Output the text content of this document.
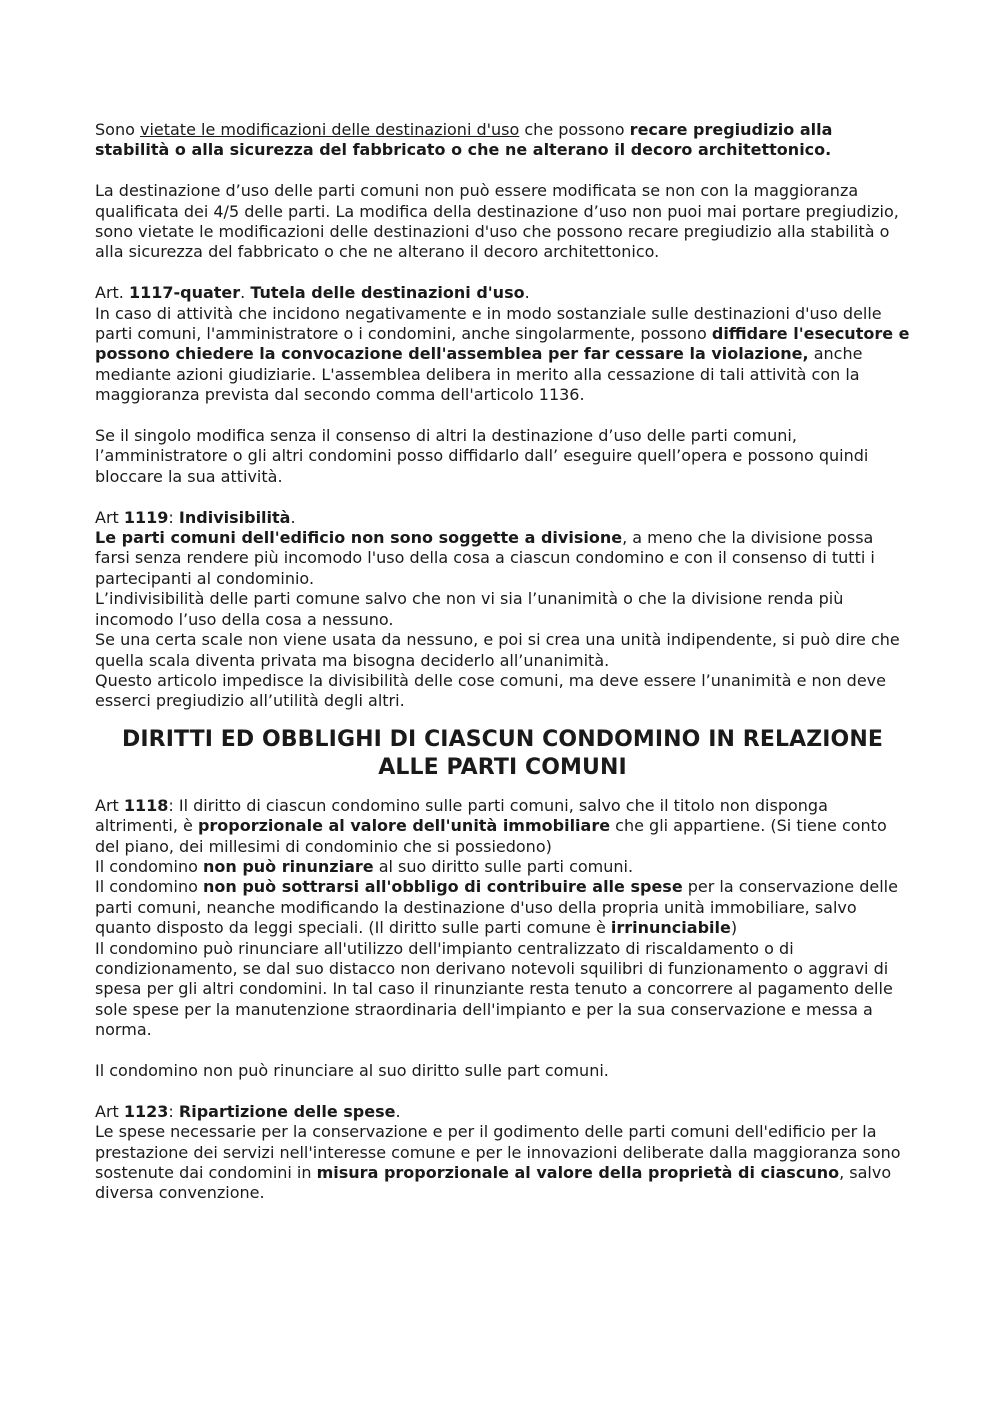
Sono vietate le modificazioni delle destinazioni d'uso che possono recare pregiudizio alla stabilità o alla sicurezza del fabbricato o che ne alterano il decoro architettonico.

La destinazione d’uso delle parti comuni non può essere modificata se non con la maggioranza qualificata dei 4/5 delle parti. La modifica della destinazione d’uso non puoi mai portare pregiudizio, sono vietate le modificazioni delle destinazioni d'uso che possono recare pregiudizio alla stabilità o alla sicurezza del fabbricato o che ne alterano il decoro architettonico.

Art. 1117-quater. Tutela delle destinazioni d'uso.

In caso di attività che incidono negativamente e in modo sostanziale sulle destinazioni d'uso delle parti comuni, l'amministratore o i condomini, anche singolarmente, possono diffidare l'esecutore e possono chiedere la convocazione dell'assemblea per far cessare la violazione, anche mediante azioni giudiziarie. L'assemblea delibera in merito alla cessazione di tali attività con la maggioranza prevista dal secondo comma dell'articolo 1136.

Se il singolo modifica senza il consenso di altri la destinazione d’uso delle parti comuni, l’amministratore o gli altri condomini posso diffidarlo dall’ eseguire quell’opera e possono quindi bloccare la sua attività.

Art 1119: Indivisibilità.

Le parti comuni dell'edificio non sono soggette a divisione, a meno che la divisione possa farsi senza rendere più incomodo l'uso della cosa a ciascun condomino e con il consenso di tutti i partecipanti al condominio.

L’indivisibilità delle parti comune salvo che non vi sia l’unanimità o che la divisione renda più incomodo l’uso della cosa a nessuno.

Se una certa scale non viene usata da nessuno, e poi si crea una unità indipendente, si può dire che quella scala diventa privata ma bisogna deciderlo all’unanimità.

Questo articolo impedisce la divisibilità delle cose comuni, ma deve essere l’unanimità e non deve esserci pregiudizio all’utilità degli altri.

DIRITTI ED OBBLIGHI DI CIASCUN CONDOMINO IN RELAZIONE ALLE PARTI COMUNI

Art 1118: Il diritto di ciascun condomino sulle parti comuni, salvo che il titolo non disponga altrimenti, è proporzionale al valore dell'unità immobiliare che gli appartiene. (Si tiene conto del piano, dei millesimi di condominio che si possiedono)

Il condomino non può rinunziare al suo diritto sulle parti comuni.

Il condomino non può sottrarsi all'obbligo di contribuire alle spese per la conservazione delle parti comuni, neanche modificando la destinazione d'uso della propria unità immobiliare, salvo quanto disposto da leggi speciali. (Il diritto sulle parti comune è irrinunciabile)

Il condomino può rinunciare all'utilizzo dell'impianto centralizzato di riscaldamento o di condizionamento, se dal suo distacco non derivano notevoli squilibri di funzionamento o aggravi di spesa per gli altri condomini. In tal caso il rinunziante resta tenuto a concorrere al pagamento delle sole spese per la manutenzione straordinaria dell'impianto e per la sua conservazione e messa a norma.

Il condomino non può rinunciare al suo diritto sulle part comuni.

Art 1123: Ripartizione delle spese.

Le spese necessarie per la conservazione e per il godimento delle parti comuni dell'edificio per la prestazione dei servizi nell'interesse comune e per le innovazioni deliberate dalla maggioranza sono sostenute dai condomini in misura proporzionale al valore della proprietà di ciascuno, salvo diversa convenzione.
